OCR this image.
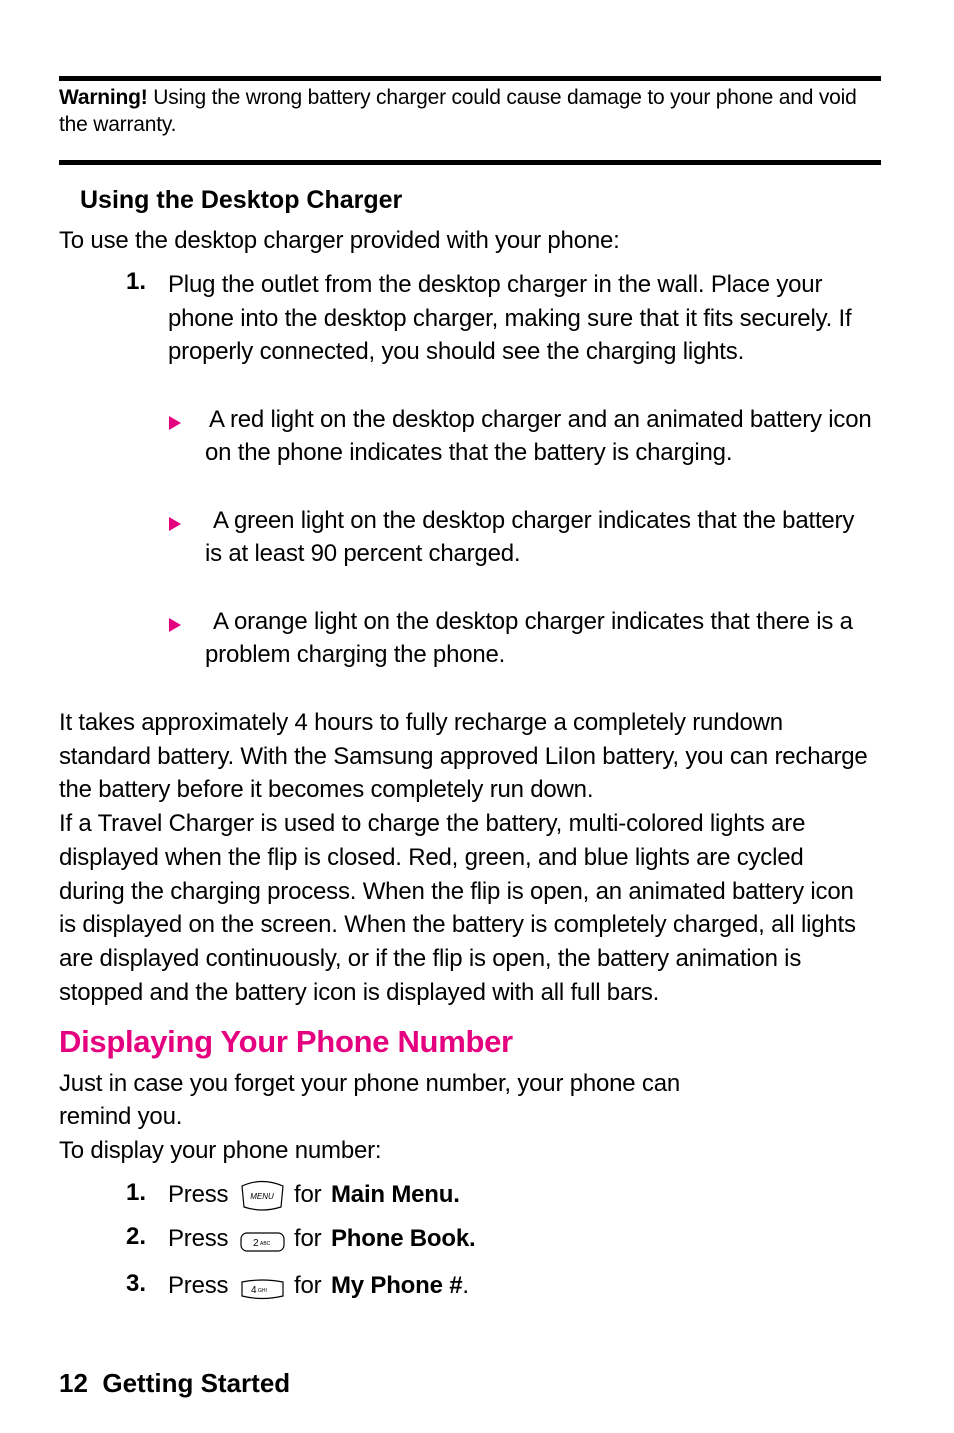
Warning! Using the wrong battery charger could cause damage to your phone and void the warranty.
Using the Desktop Charger
To use the desktop charger provided with your phone:
1. Plug the outlet from the desktop charger in the wall. Place your
phone into the desktop charger, making sure that it fits securely. If
properly connected, you should see the charging lights.
A red light on the desktop charger and an animated battery icon
on the phone indicates that the battery is charging.
A green light on the desktop charger indicates that the battery
is at least 90 percent charged.
A orange light on the desktop charger indicates that there is a
problem charging the phone.
It takes approximately 4 hours to fully recharge a completely rundown
standard battery. With the Samsung approved LiIon battery, you can recharge
the battery before it becomes completely run down.
If a Travel Charger is used to charge the battery, multi-colored lights are
displayed when the flip is closed. Red, green, and blue lights are cycled
during the charging process. When the flip is open, an animated battery icon
is displayed on the screen. When the battery is completely charged, all lights
are displayed continuously, or if the flip is open, the battery animation is
stopped and the battery icon is displayed with all full bars.
Displaying Your Phone Number
Just in case you forget your phone number, your phone can
remind you.
To display your phone number:
1. Press	MENU for Main Menu.
2. Press 2 ABC for Phone Book.
3. Press 4 GHI for My Phone #.
12 Getting Started
